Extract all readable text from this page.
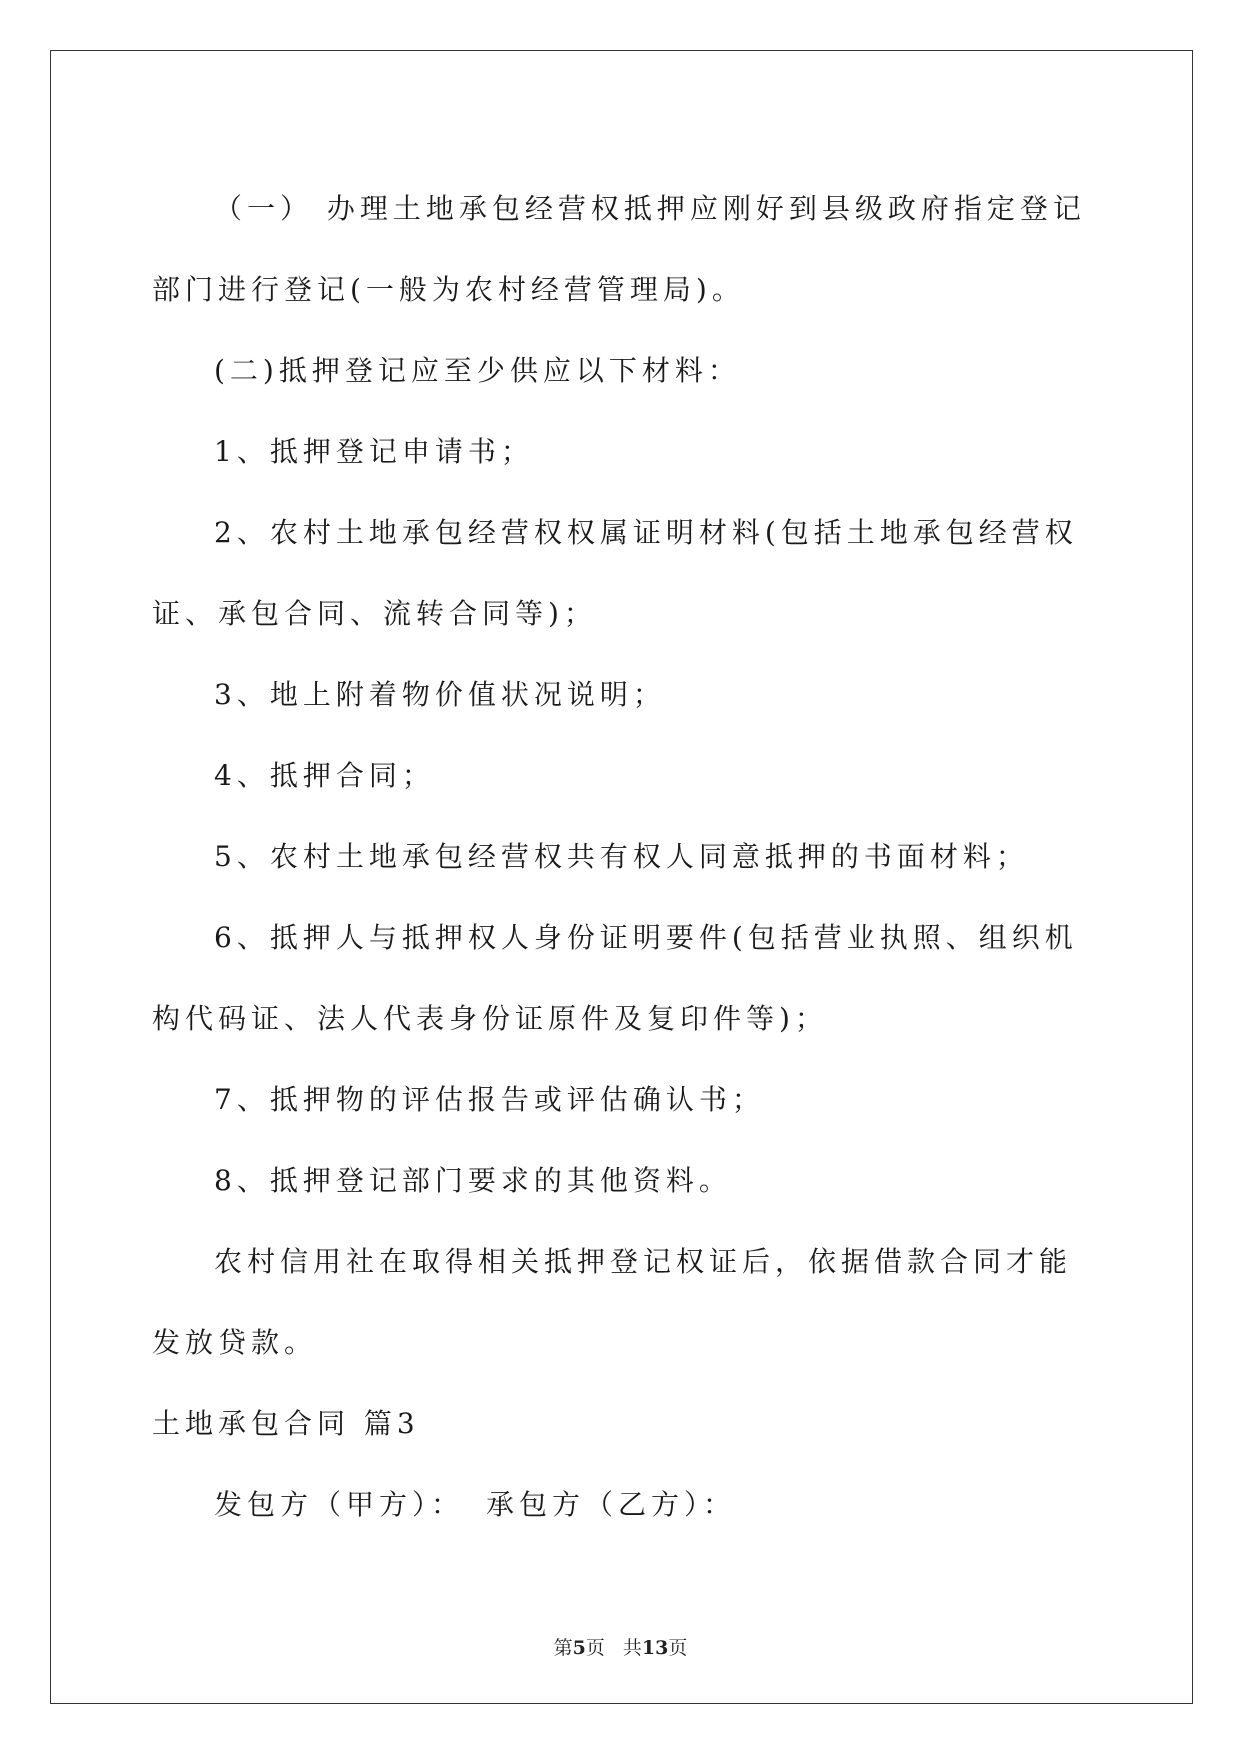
（一） 办理土地承包经营权抵押应刚好到县级政府指定登记部门进行登记(一般为农村经营管理局)。

(二)抵押登记应至少供应以下材料：

1、抵押登记申请书；

2、农村土地承包经营权权属证明材料(包括土地承包经营权证、承包合同、流转合同等)；

3、地上附着物价值状况说明；

4、抵押合同；

5、农村土地承包经营权共有权人同意抵押的书面材料；

6、抵押人与抵押权人身份证明要件(包括营业执照、组织机构代码证、法人代表身份证原件及复印件等)；

7、抵押物的评估报告或评估确认书；

8、抵押登记部门要求的其他资料。

农村信用社在取得相关抵押登记权证后，依据借款合同才能发放贷款。

土地承包合同 篇3

发包方（甲方）： 承包方（乙方）：

第5页 共13页
